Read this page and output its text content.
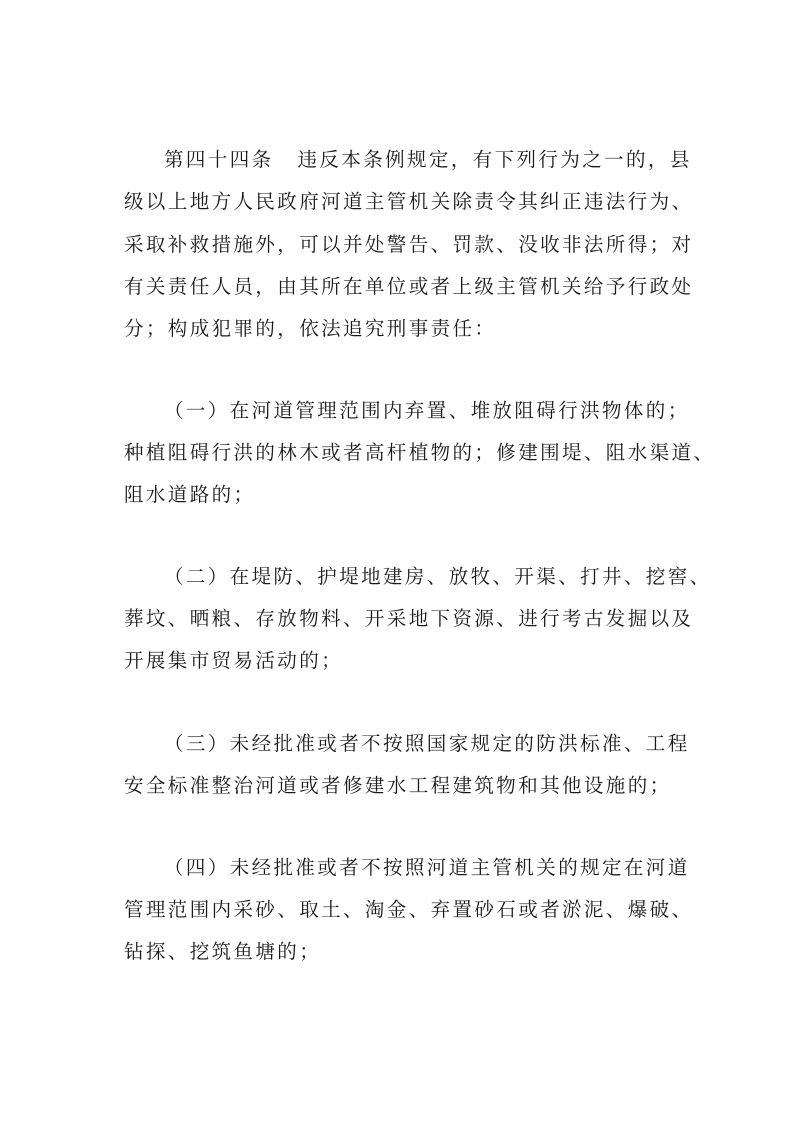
第四十四条 违反本条例规定，有下列行为之一的，县
级以上地方人民政府河道主管机关除责令其纠正违法行为、
采取补救措施外，可以并处警告、罚款、没收非法所得；对
有关责任人员，由其所在单位或者上级主管机关给予行政处
分；构成犯罪的，依法追究刑事责任：
（一）在河道管理范围内弃置、堆放阻碍行洪物体的；
种植阻碍行洪的林木或者高杆植物的；修建围堤、阻水渠道、
阻水道路的；
（二）在堤防、护堤地建房、放牧、开渠、打井、挖窖、
葬坟、晒粮、存放物料、开采地下资源、进行考古发掘以及
开展集市贸易活动的；
（三）未经批准或者不按照国家规定的防洪标准、工程
安全标准整治河道或者修建水工程建筑物和其他设施的；
（四）未经批准或者不按照河道主管机关的规定在河道
管理范围内采砂、取土、淘金、弃置砂石或者淤泥、爆破、
钻探、挖筑鱼塘的；
